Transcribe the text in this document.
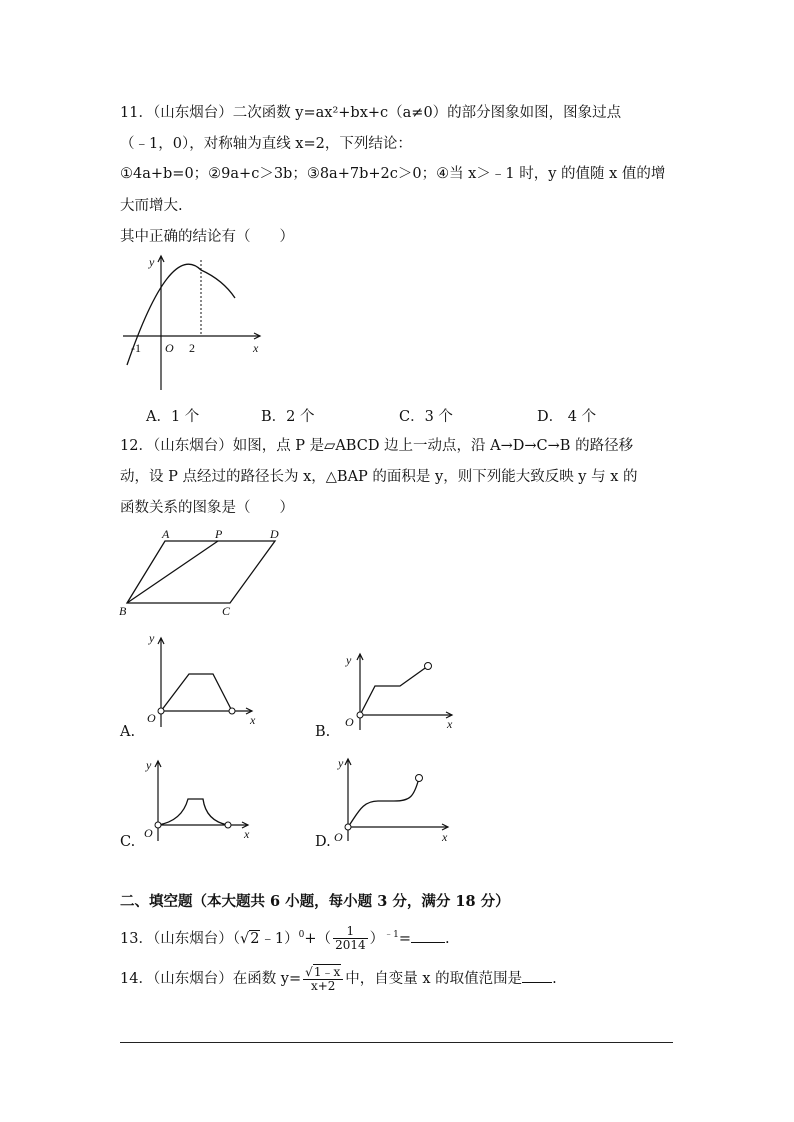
11．（山东烟台）二次函数 y=ax²+bx+c（a≠0）的部分图象如图，图象过点
（﹣1，0），对称轴为直线 x=2，下列结论：
①4a+b=0；②9a+c＞3b；③8a+7b+2c＞0；④当 x＞﹣1 时，y 的值随 x 值的增
大而增大.
其中正确的结论有（　　）
y
x
-1 O 2
A．1 个	B．2 个	C．3 个	D． 4 个
12．（山东烟台）如图，点 P 是▱ABCD 边上一动点，沿 A→D→C→B 的路径移
动，设 P 点经过的路径长为 x，△BAP 的面积是 y，则下列能大致反映 y 与 x 的
函数关系的图象是（　　）
A	P	D
B	C
y
O	x
A.
y
O	x
B.
y
O	x
C.
y
O	x
D.
二、填空题（本大题共 6 小题，每小题 3 分，满分 18 分）
13．（山东烟台）（√2﹣1）$^0$+（ $\frac{1}{2014} )^{﹣1}=$ .
14．（山东烟台）在函数 $y= \frac{√1﹣x}{x+2}$ 中，自变量 x 的取值范围是 .
